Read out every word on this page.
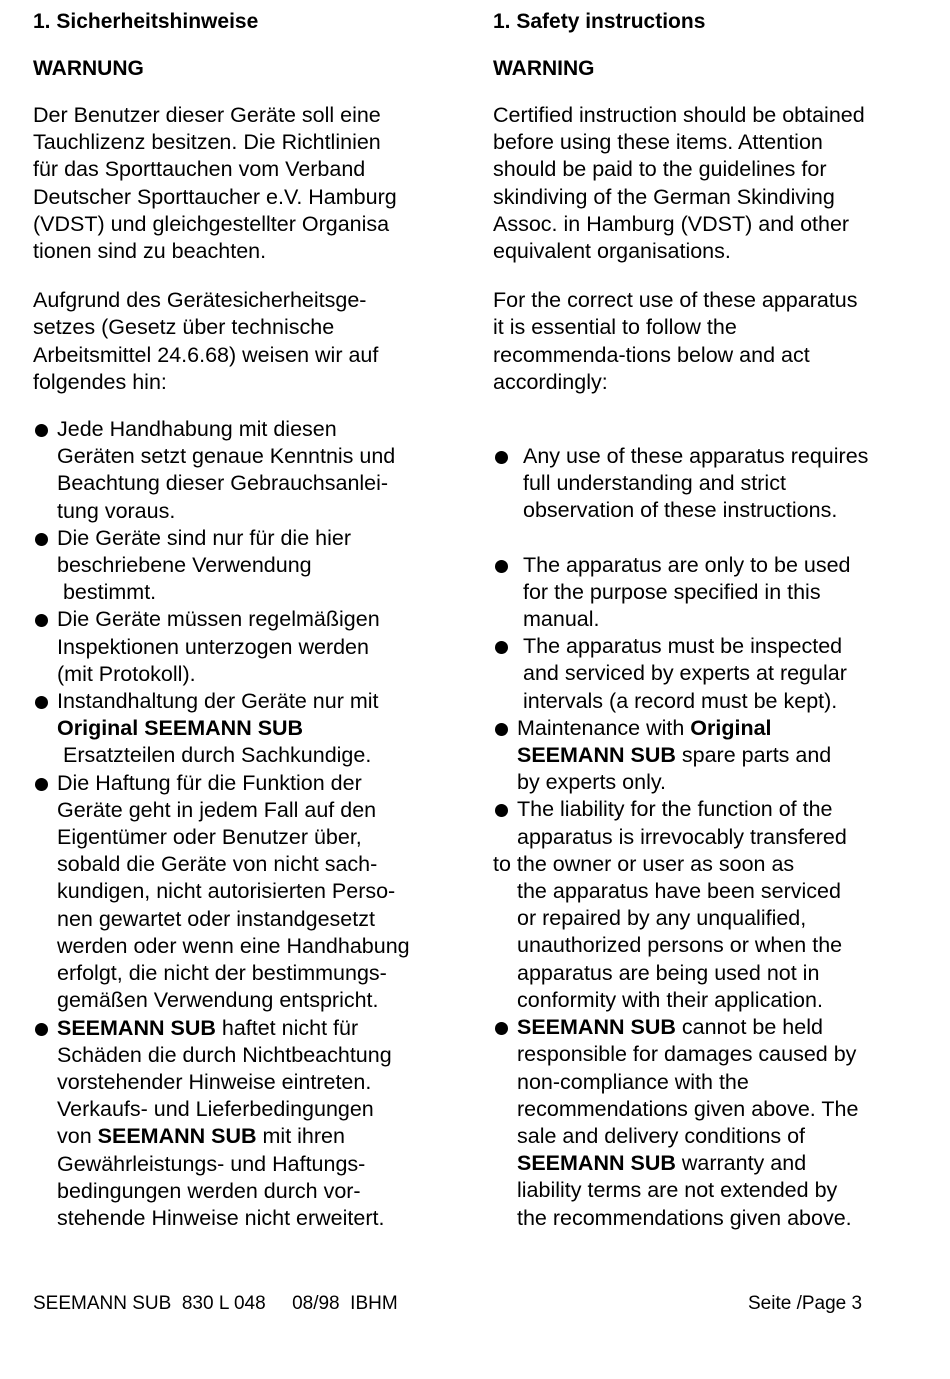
1. Sicherheitshinweise
WARNUNG

Der Benutzer dieser Geräte soll eine
Tauchlizenz besitzen. Die Richtlinien
für das Sporttauchen vom Verband
Deutscher Sporttaucher e.V. Hamburg
(VDST) und gleichgestellter Organisa
tionen sind zu beachten.

Aufgrund des Gerätesicherheitsge-
setzes (Gesetz über technische
Arbeitsmittel 24.6.68) weisen wir auf
folgendes hin:

Jede Handhabung mit diesen
Geräten setzt genaue Kenntnis und
Beachtung dieser Gebrauchsanlei-
tung voraus.
Die Geräte sind nur für die hier
beschriebene Verwendung
bestimmt.
Die Geräte müssen regelmäßigen
Inspektionen unterzogen werden
(mit Protokoll).
Instandhaltung der Geräte nur mit
Original SEEMANN SUB
Ersatzteilen durch Sachkundige.
Die Haftung für die Funktion der
Geräte geht in jedem Fall auf den
Eigentümer oder Benutzer über,
sobald die Geräte von nicht sach-
kundigen, nicht autorisierten Perso-
nen gewartet oder instandgesetzt
werden oder wenn eine Handhabung
erfolgt, die nicht der bestimmungs-
gemäßen Verwendung entspricht.
SEEMANN SUB haftet nicht für
Schäden die durch Nichtbeachtung
vorstehender Hinweise eintreten.
Verkaufs- und Lieferbedingungen
von SEEMANN SUB mit ihren
Gewährleistungs- und Haftungs-
bedingungen werden durch vor-
stehende Hinweise nicht erweitert.
1. Safety instructions
WARNING

Certified instruction should be obtained
before using these items. Attention
should be paid to the guidelines for
skindiving of the German Skindiving
Assoc. in Hamburg (VDST) and other
equivalent organisations.

For the correct use of these apparatus
it is essential to follow the
recommenda-tions below and act
accordingly:

Any use of these apparatus requires
full understanding and strict
observation of these instructions.
The apparatus are only to be used
for the purpose specified in this
manual.
The apparatus must be inspected
and serviced by experts at regular
intervals (a record must be kept).
Maintenance with Original
SEEMANN SUB spare parts and
by experts only.
The liability for the function of the
apparatus is irrevocably transfered
to the owner or user as soon as
the apparatus have been serviced
or repaired by any unqualified,
unauthorized persons or when the
apparatus are being used not in
conformity with their application.
SEEMANN SUB cannot be held
responsible for damages caused by
non-compliance with the
recommendations given above. The
sale and delivery conditions of
SEEMANN SUB warranty and
liability terms are not extended by
the recommendations given above.
SEEMANN SUB  830 L 048     08/98  IBHM	Seite /Page 3
